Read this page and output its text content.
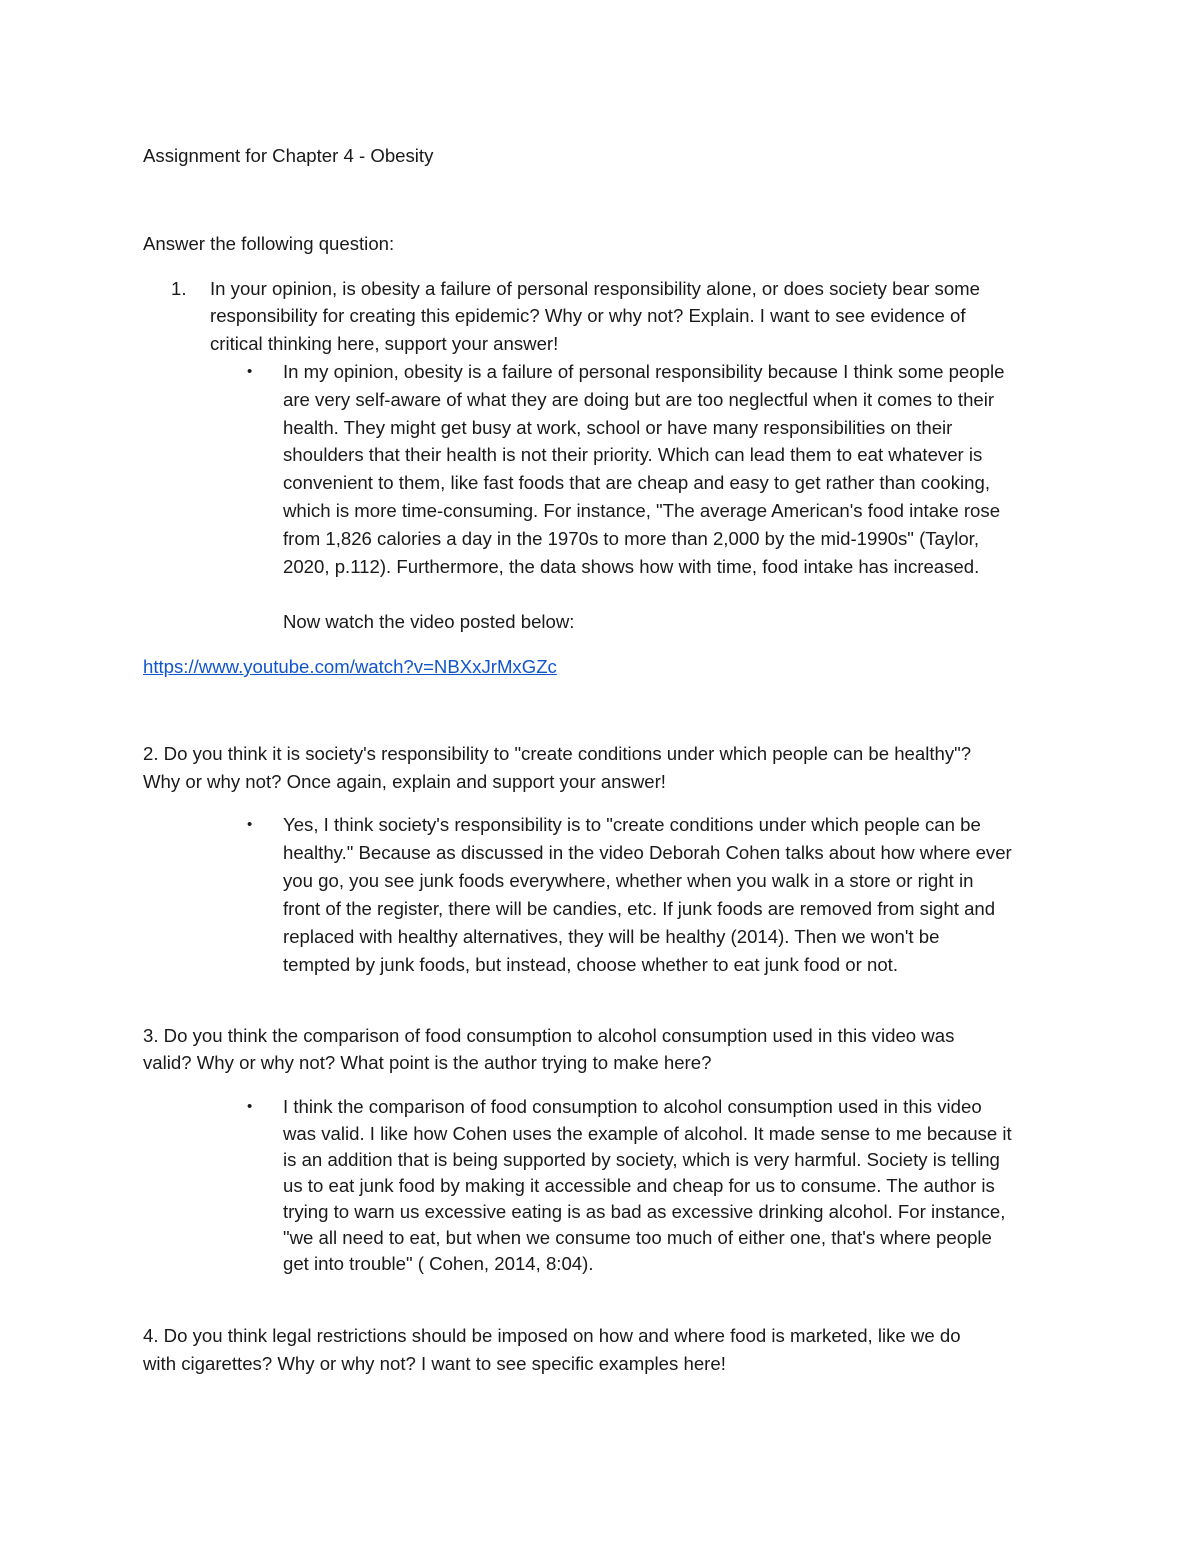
Assignment for Chapter 4 - Obesity
Answer the following question:
1. In your opinion, is obesity a failure of personal responsibility alone, or does society bear some
responsibility for creating this epidemic? Why or why not? Explain. I want to see evidence of
critical thinking here, support your answer!
• In my opinion, obesity is a failure of personal responsibility because I think some people
are very self-aware of what they are doing but are too neglectful when it comes to their
health. They might get busy at work, school or have many responsibilities on their
shoulders that their health is not their priority. Which can lead them to eat whatever is
convenient to them, like fast foods that are cheap and easy to get rather than cooking,
which is more time-consuming. For instance, "The average American's food intake rose
from 1,826 calories a day in the 1970s to more than 2,000 by the mid-1990s" (Taylor,
2020, p.112). Furthermore, the data shows how with time, food intake has increased.
Now watch the video posted below:
https://www.youtube.com/watch?v=NBXxJrMxGZc
2. Do you think it is society's responsibility to "create conditions under which people can be healthy"?
Why or why not? Once again, explain and support your answer!
• Yes, I think society's responsibility is to "create conditions under which people can be
healthy." Because as discussed in the video Deborah Cohen talks about how where ever
you go, you see junk foods everywhere, whether when you walk in a store or right in
front of the register, there will be candies, etc. If junk foods are removed from sight and
replaced with healthy alternatives, they will be healthy (2014). Then we won't be
tempted by junk foods, but instead, choose whether to eat junk food or not.
3. Do you think the comparison of food consumption to alcohol consumption used in this video was
valid? Why or why not? What point is the author trying to make here?
• I think the comparison of food consumption to alcohol consumption used in this video
was valid. I like how Cohen uses the example of alcohol. It made sense to me because it
is an addition that is being supported by society, which is very harmful. Society is telling
us to eat junk food by making it accessible and cheap for us to consume. The author is
trying to warn us excessive eating is as bad as excessive drinking alcohol. For instance,
"we all need to eat, but when we consume too much of either one, that's where people
get into trouble" ( Cohen, 2014, 8:04).
4. Do you think legal restrictions should be imposed on how and where food is marketed, like we do
with cigarettes? Why or why not? I want to see specific examples here!
